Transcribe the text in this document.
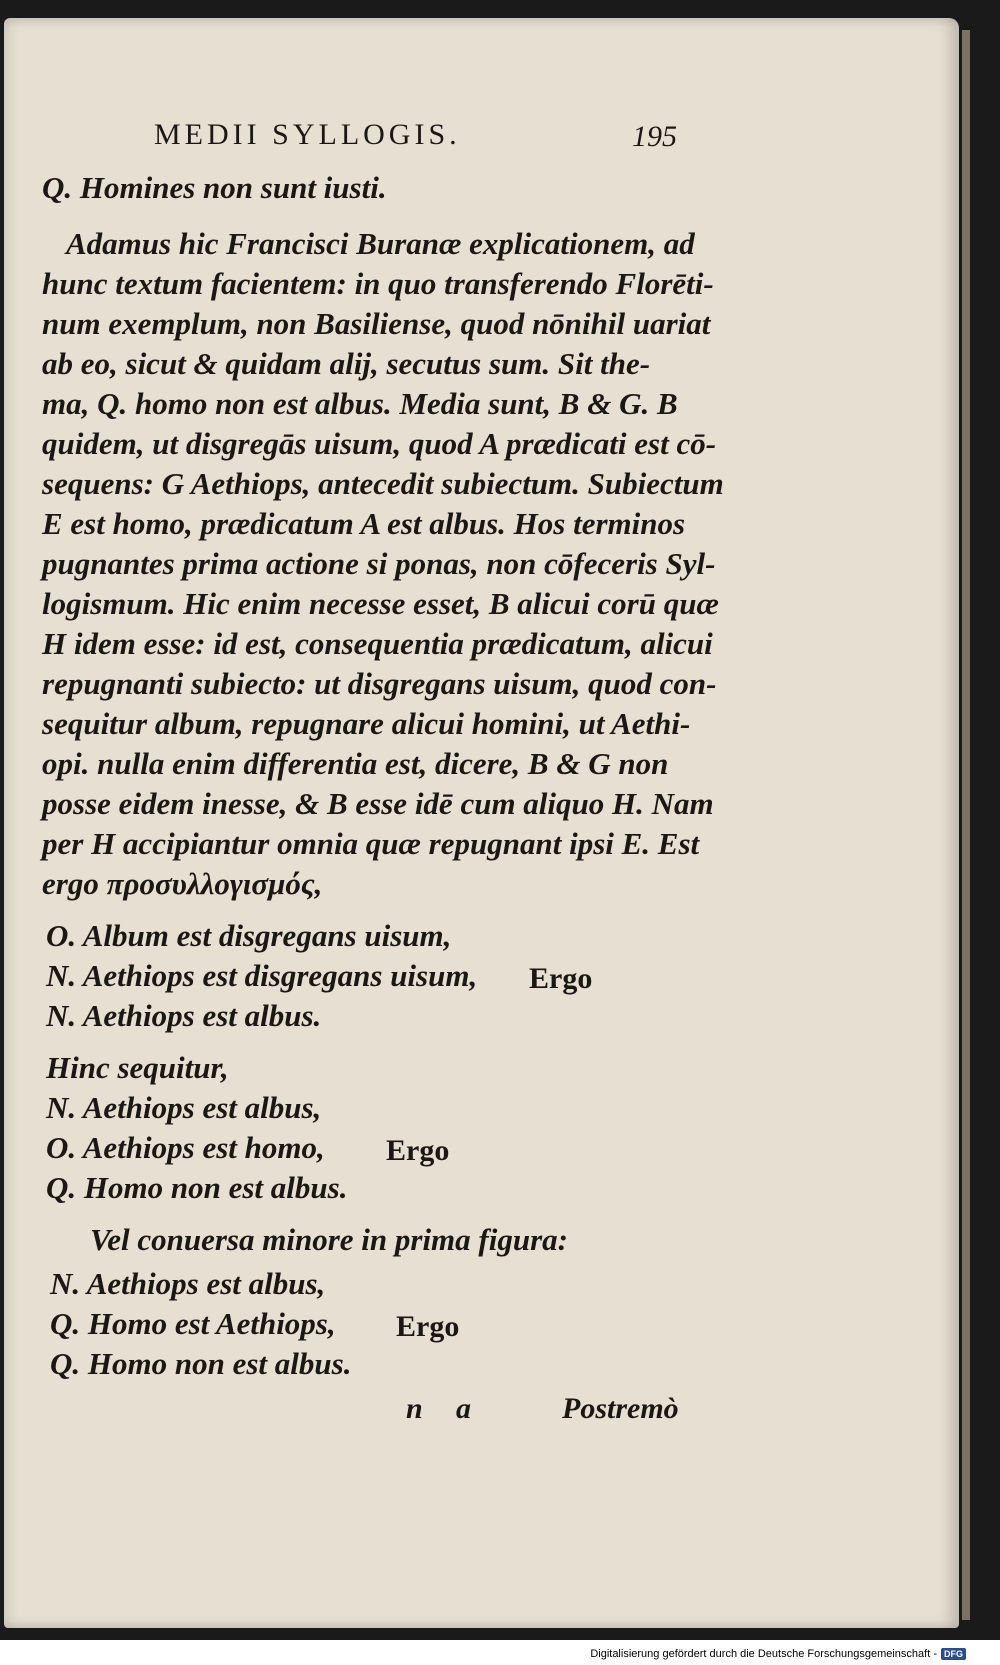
MEDII SYLLOGIS.	195
Q. Homines non sunt iusti.
Adamus hic Francisci Buranæ explicationem, ad
hunc textum facientem: in quo transferendo Florēti-
num exemplum, non Basiliense, quod nōnihil uariat
ab eo, sicut & quidam alij, secutus sum. Sit the-
ma, Q. homo non est albus. Media sunt, B & G. B
quidem, ut disgregās uisum, quod A prædicati est cō-
sequens: G Aethiops, antecedit subiectum. Subiectum
E est homo, prædicatum A est albus. Hos terminos
pugnantes prima actione si ponas, non cōfeceris Syl-
logismum. Hic enim necesse esset, B alicui corū quæ
H idem esse: id est, consequentia prædicatum, alicui
repugnanti subiecto: ut disgregans uisum, quod con-
sequitur album, repugnare alicui homini, ut Aethi-
opi. nulla enim differentia est, dicere, B & G non
posse eidem inesse, & B esse idē cum aliquo H. Nam
per H accipiantur omnia quæ repugnant ipsi E. Est
ergo προσυλλογισμός,
O. Album est disgregans uisum,
N. Aethiops est disgregans uisum, Ergo
N. Aethiops est albus.
Hinc sequitur,
N. Aethiops est albus,
O. Aethiops est homo, Ergo
Q. Homo non est albus.
Vel conuersa minore in prima figura:
N. Aethiops est albus,
Q. Homo est Aethiops, Ergo
Q. Homo non est albus.
n a	Postremò
Digitalisierung gefördert durch die Deutsche Forschungsgemeinschaft - DFG
